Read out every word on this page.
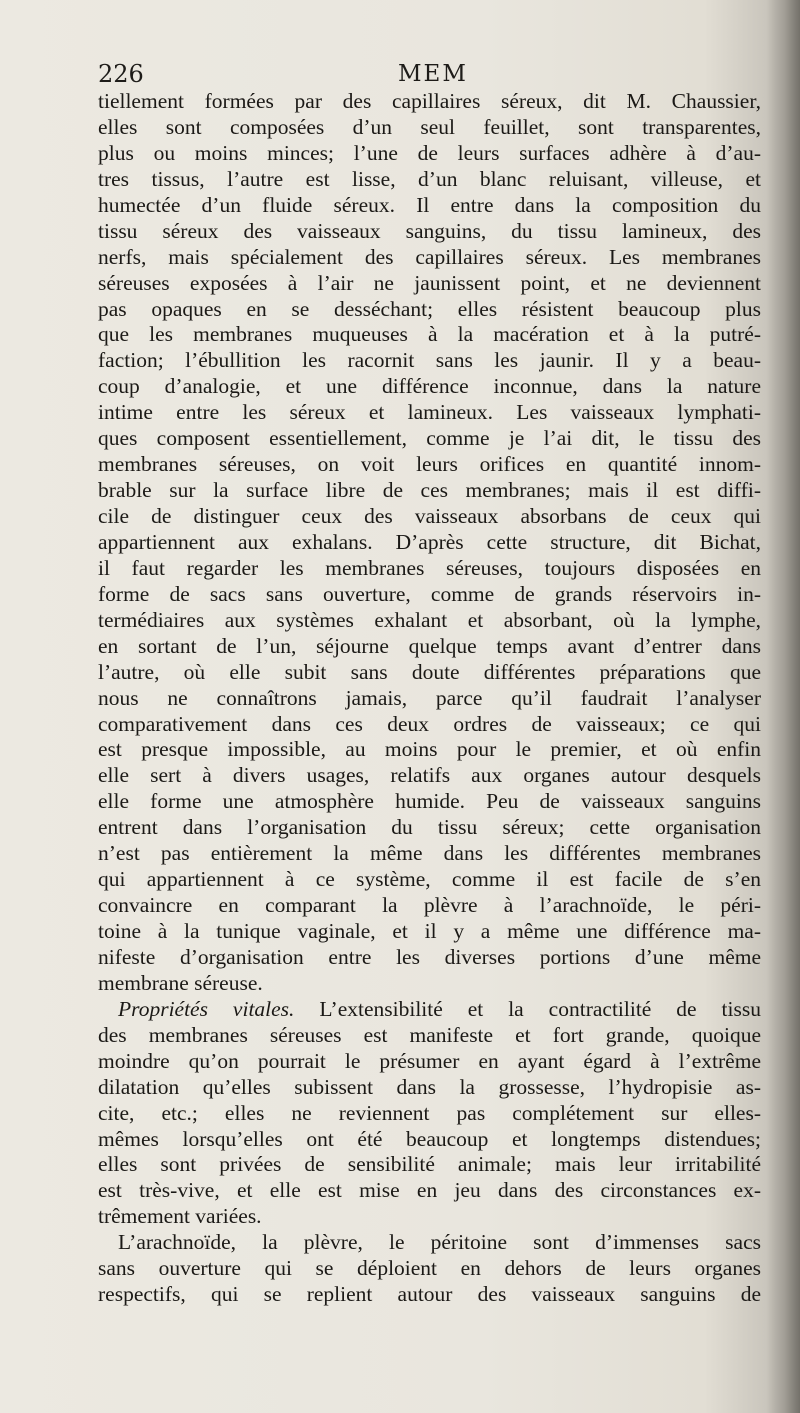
226	MEM
tiellement formées par des capillaires séreux, dit M. Chaussier,
elles sont composées d’un seul feuillet, sont transparentes,
plus ou moins minces; l’une de leurs surfaces adhère à d’au-
tres tissus, l’autre est lisse, d’un blanc reluisant, villeuse, et
humectée d’un fluide séreux. Il entre dans la composition du
tissu séreux des vaisseaux sanguins, du tissu lamineux, des
nerfs, mais spécialement des capillaires séreux. Les membranes
séreuses exposées à l’air ne jaunissent point, et ne deviennent
pas opaques en se desséchant; elles résistent beaucoup plus
que les membranes muqueuses à la macération et à la putré-
faction; l’ébullition les racornit sans les jaunir. Il y a beau-
coup d’analogie, et une différence inconnue, dans la nature
intime entre les séreux et lamineux. Les vaisseaux lymphati-
ques composent essentiellement, comme je l’ai dit, le tissu des
membranes séreuses, on voit leurs orifices en quantité innom-
brable sur la surface libre de ces membranes; mais il est diffi-
cile de distinguer ceux des vaisseaux absorbans de ceux qui
appartiennent aux exhalans. D’après cette structure, dit Bichat,
il faut regarder les membranes séreuses, toujours disposées en
forme de sacs sans ouverture, comme de grands réservoirs in-
termédiaires aux systèmes exhalant et absorbant, où la lymphe,
en sortant de l’un, séjourne quelque temps avant d’entrer dans
l’autre, où elle subit sans doute différentes préparations que
nous ne connaîtrons jamais, parce qu’il faudrait l’analyser
comparativement dans ces deux ordres de vaisseaux; ce qui
est presque impossible, au moins pour le premier, et où enfin
elle sert à divers usages, relatifs aux organes autour desquels
elle forme une atmosphère humide. Peu de vaisseaux sanguins
entrent dans l’organisation du tissu séreux; cette organisation
n’est pas entièrement la même dans les différentes membranes
qui appartiennent à ce système, comme il est facile de s’en
convaincre en comparant la plèvre à l’arachnoïde, le péri-
toine à la tunique vaginale, et il y a même une différence ma-
nifeste d’organisation entre les diverses portions d’une même
membrane séreuse.
Propriétés vitales. L’extensibilité et la contractilité de tissu
des membranes séreuses est manifeste et fort grande, quoique
moindre qu’on pourrait le présumer en ayant égard à l’extrême
dilatation qu’elles subissent dans la grossesse, l’hydropisie as-
cite, etc.; elles ne reviennent pas complétement sur elles-
mêmes lorsqu’elles ont été beaucoup et longtemps distendues;
elles sont privées de sensibilité animale; mais leur irritabilité
est très-vive, et elle est mise en jeu dans des circonstances ex-
trêmement variées.
L’arachnoïde, la plèvre, le péritoine sont d’immenses sacs
sans ouverture qui se déploient en dehors de leurs organes
respectifs, qui se replient autour des vaisseaux sanguins de
